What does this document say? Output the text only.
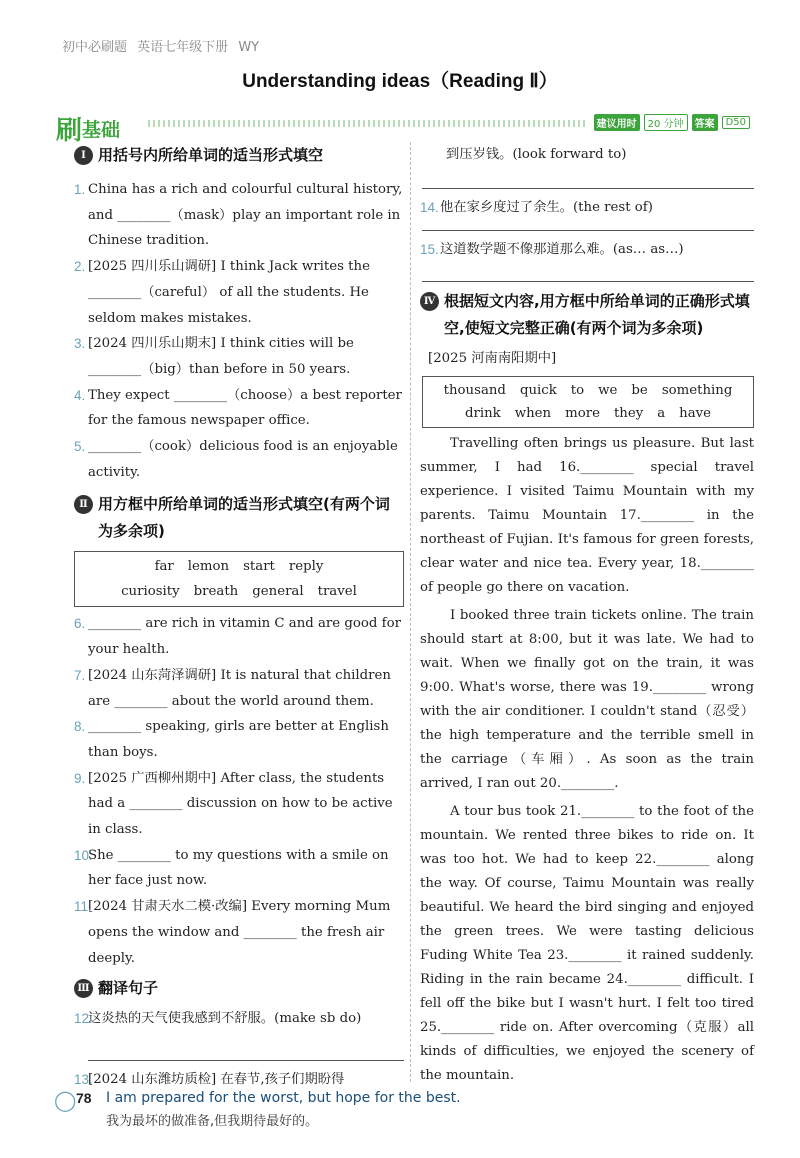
初中必刷题 英语七年级下册 WY
Understanding ideas（Reading Ⅱ）
刷基础	建议用时	20 分钟	答案	D50
Ⅰ 用括号内所给单词的适当形式填空
1. China has a rich and colourful cultural history, and ________（mask）play an important role in Chinese tradition.
2. [2025 四川乐山调研] I think Jack writes the ________（careful） of all the students. He seldom makes mistakes.
3. [2024 四川乐山期末] I think cities will be ________（big）than before in 50 years.
4. They expect ________（choose）a best reporter for the famous newspaper office.
5. ________（cook）delicious food is an enjoyable activity.
Ⅱ 用方框中所给单词的适当形式填空(有两个词为多余项)
far lemon start reply
curiosity breath general travel
6. ________ are rich in vitamin C and are good for your health.
7. [2024 山东菏泽调研] It is natural that children are ________ about the world around them.
8. ________ speaking, girls are better at English than boys.
9. [2025 广西柳州期中] After class, the students had a ________ discussion on how to be active in class.
10.
She ________ to my questions with a smile on her face just now.
11.
[2024 甘肃天水二模·改编] Every morning Mum opens the window and ________ the fresh air deeply.
Ⅲ 翻译句子
12.
这炎热的天气使我感到不舒服。(make sb do)
13.
[2024 山东潍坊质检] 在春节,孩子们期盼得
到压岁钱。(look forward to)
14. 他在家乡度过了余生。(the rest of)
15. 这道数学题不像那道那么难。(as… as…)
Ⅳ 根据短文内容,用方框中所给单词的正确形式填空,使短文完整正确(有两个词为多余项)
[2025 河南南阳期中]
thousand quick to we be something
drink when more they a have
Travelling often brings us pleasure. But last summer, I had 16.________ special travel experience. I visited Taimu Mountain with my parents. Taimu Mountain 17.________ in the northeast of Fujian. It's famous for green forests, clear water and nice tea. Every year, 18.________ of people go there on vacation.
I booked three train tickets online. The train should start at 8:00, but it was late. We had to wait. When we finally got on the train, it was 9:00. What's worse, there was 19.________ wrong with the air conditioner. I couldn't stand（忍受）the high temperature and the terrible smell in the carriage（车厢）. As soon as the train arrived, I ran out 20.________.
A tour bus took 21.________ to the foot of the mountain. We rented three bikes to ride on. It was too hot. We had to keep 22.________ along the way. Of course, Taimu Mountain was really beautiful. We heard the bird singing and enjoyed the green trees. We were tasting delicious Fuding White Tea 23.________ it rained suddenly. Riding in the rain became 24.________ difficult. I fell off the bike but I wasn't hurt. I felt too tired 25.________ ride on. After overcoming（克服）all kinds of difficulties, we enjoyed the scenery of the mountain.
◯ 78 I am prepared for the worst, but hope for the best.
我为最坏的做准备,但我期待最好的。
